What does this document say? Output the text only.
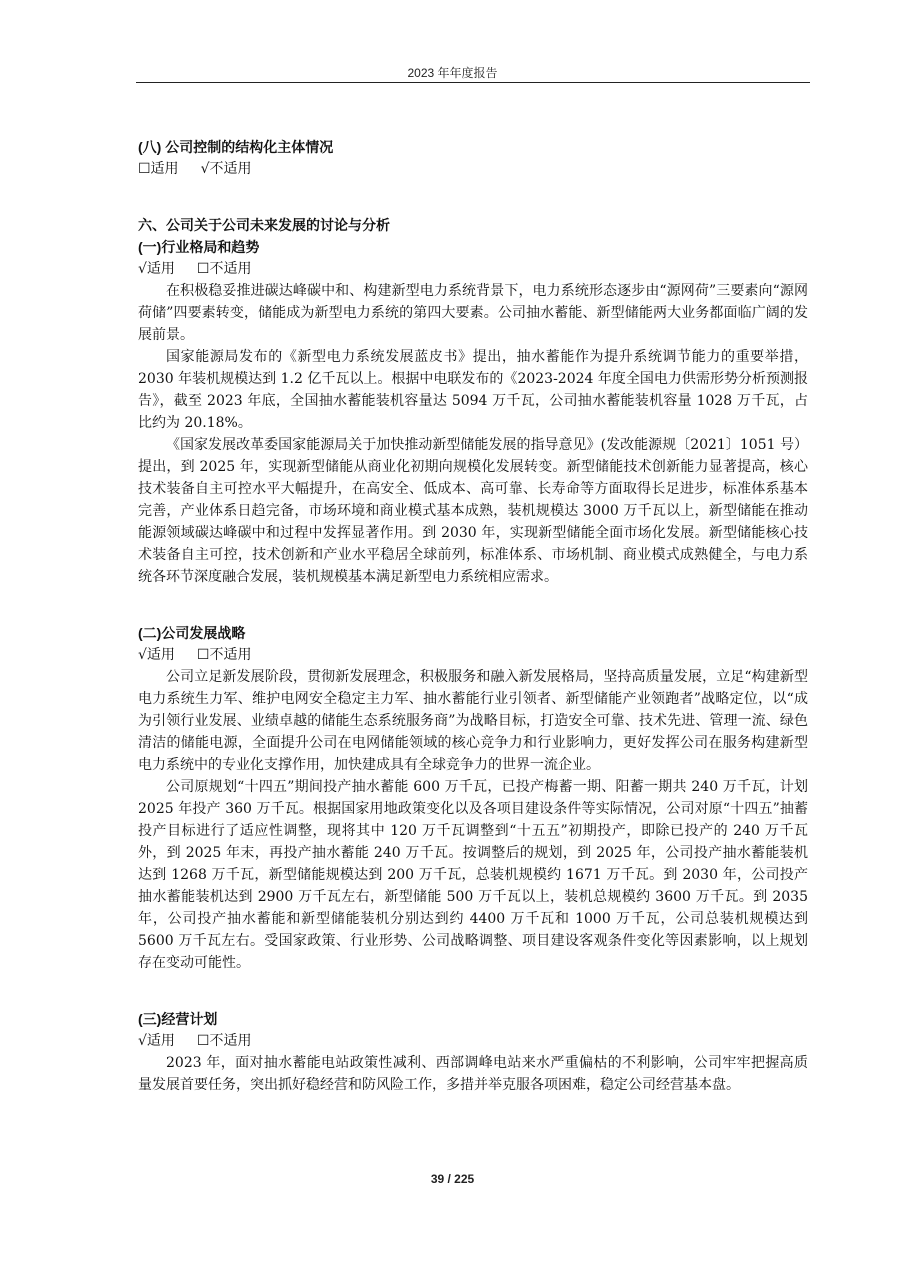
2023 年年度报告

(八) 公司控制的结构化主体情况

☐适用 √不适用

六、公司关于公司未来发展的讨论与分析

(一)行业格局和趋势

√适用 ☐不适用

在积极稳妥推进碳达峰碳中和、构建新型电力系统背景下，电力系统形态逐步由“源网荷”三要素向“源网荷储”四要素转变，储能成为新型电力系统的第四大要素。公司抽水蓄能、新型储能两大业务都面临广阔的发展前景。

国家能源局发布的《新型电力系统发展蓝皮书》提出，抽水蓄能作为提升系统调节能力的重要举措，2030 年装机规模达到 1.2 亿千瓦以上。根据中电联发布的《2023-2024 年度全国电力供需形势分析预测报告》，截至 2023 年底，全国抽水蓄能装机容量达 5094 万千瓦，公司抽水蓄能装机容量 1028 万千瓦，占比约为 20.18%。

《国家发展改革委国家能源局关于加快推动新型储能发展的指导意见》(发改能源规〔2021〕1051 号）提出，到 2025 年，实现新型储能从商业化初期向规模化发展转变。新型储能技术创新能力显著提高，核心技术装备自主可控水平大幅提升，在高安全、低成本、高可靠、长寿命等方面取得长足进步，标准体系基本完善，产业体系日趋完备，市场环境和商业模式基本成熟，装机规模达 3000 万千瓦以上，新型储能在推动能源领域碳达峰碳中和过程中发挥显著作用。到 2030 年，实现新型储能全面市场化发展。新型储能核心技术装备自主可控，技术创新和产业水平稳居全球前列，标准体系、市场机制、商业模式成熟健全，与电力系统各环节深度融合发展，装机规模基本满足新型电力系统相应需求。

(二)公司发展战略

√适用 ☐不适用

公司立足新发展阶段，贯彻新发展理念，积极服务和融入新发展格局，坚持高质量发展，立足“构建新型电力系统生力军、维护电网安全稳定主力军、抽水蓄能行业引领者、新型储能产业领跑者”战略定位，以“成为引领行业发展、业绩卓越的储能生态系统服务商”为战略目标，打造安全可靠、技术先进、管理一流、绿色清洁的储能电源，全面提升公司在电网储能领域的核心竞争力和行业影响力，更好发挥公司在服务构建新型电力系统中的专业化支撑作用，加快建成具有全球竞争力的世界一流企业。

公司原规划“十四五”期间投产抽水蓄能 600 万千瓦，已投产梅蓄一期、阳蓄一期共 240 万千瓦，计划 2025 年投产 360 万千瓦。根据国家用地政策变化以及各项目建设条件等实际情况，公司对原“十四五”抽蓄投产目标进行了适应性调整，现将其中 120 万千瓦调整到“十五五”初期投产，即除已投产的 240 万千瓦外，到 2025 年末，再投产抽水蓄能 240 万千瓦。按调整后的规划，到 2025 年，公司投产抽水蓄能装机达到 1268 万千瓦，新型储能规模达到 200 万千瓦，总装机规模约 1671 万千瓦。到 2030 年，公司投产抽水蓄能装机达到 2900 万千瓦左右，新型储能 500 万千瓦以上，装机总规模约 3600 万千瓦。到 2035 年，公司投产抽水蓄能和新型储能装机分别达到约 4400 万千瓦和 1000 万千瓦，公司总装机规模达到 5600 万千瓦左右。受国家政策、行业形势、公司战略调整、项目建设客观条件变化等因素影响，以上规划存在变动可能性。

(三)经营计划

√适用 ☐不适用

2023 年，面对抽水蓄能电站政策性减利、西部调峰电站来水严重偏枯的不利影响，公司牢牢把握高质量发展首要任务，突出抓好稳经营和防风险工作，多措并举克服各项困难，稳定公司经营基本盘。

39 / 225
